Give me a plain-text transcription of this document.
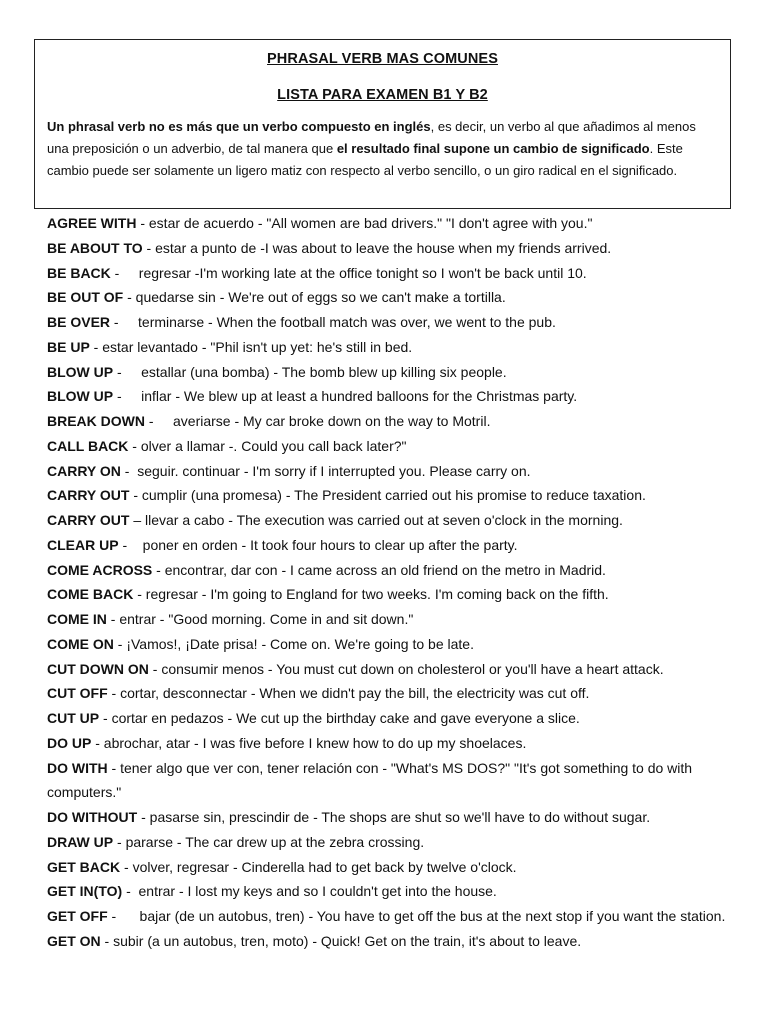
PHRASAL VERB MAS COMUNES
LISTA PARA EXAMEN B1 Y B2
Un phrasal verb no es más que un verbo compuesto en inglés, es decir, un verbo al que añadimos al menos una preposición o un adverbio, de tal manera que el resultado final supone un cambio de significado. Este cambio puede ser solamente un ligero matiz con respecto al verbo sencillo, o un giro radical en el significado.
AGREE WITH - estar de acuerdo - "All women are bad drivers." "I don't agree with you."
BE ABOUT TO - estar a punto de -I was about to leave the house when my friends arrived.
BE BACK -     regresar -I'm working late at the office tonight so I won't be back until 10.
BE OUT OF - quedarse sin - We're out of eggs so we can't make a tortilla.
BE OVER -     terminarse - When the football match was over, we went to the pub.
BE UP - estar levantado - "Phil isn't up yet: he's still in bed.
BLOW UP -     estallar (una bomba) - The bomb blew up killing six people.
BLOW UP -     inflar - We blew up at least a hundred balloons for the Christmas party.
BREAK DOWN -     averiarse - My car broke down on the way to Motril.
CALL BACK - olver a llamar -. Could you call back later?"
CARRY ON -  seguir. continuar - I'm sorry if I interrupted you. Please carry on.
CARRY OUT - cumplir (una promesa) - The President carried out his promise to reduce taxation.
CARRY OUT – llevar a cabo - The execution was carried out at seven o'clock in the morning.
CLEAR UP -    poner en orden - It took four hours to clear up after the party.
COME ACROSS - encontrar, dar con - I came across an old friend on the metro in Madrid.
COME BACK - regresar - I'm going to England for two weeks. I'm coming back on the fifth.
COME IN - entrar - "Good morning. Come in and sit down."
COME ON - ¡Vamos!, ¡Date prisa! - Come on. We're going to be late.
CUT DOWN ON - consumir menos - You must cut down on cholesterol or you'll have a heart attack.
CUT OFF - cortar, desconnectar - When we didn't pay the bill, the electricity was cut off.
CUT UP - cortar en pedazos - We cut up the birthday cake and gave everyone a slice.
DO UP - abrochar, atar - I was five before I knew how to do up my shoelaces.
DO WITH - tener algo que ver con, tener relación con - "What's MS DOS?" "It's got something to do with computers."
DO WITHOUT - pasarse sin, prescindir de - The shops are shut so we'll have to do without sugar.
DRAW UP - pararse - The car drew up at the zebra crossing.
GET BACK - volver, regresar - Cinderella had to get back by twelve o'clock.
GET IN(TO) -  entrar - I lost my keys and so I couldn't get into the house.
GET OFF -      bajar (de un autobus, tren) - You have to get off the bus at the next stop if you want the station.
GET ON - subir (a un autobus, tren, moto) - Quick! Get on the train, it's about to leave.
